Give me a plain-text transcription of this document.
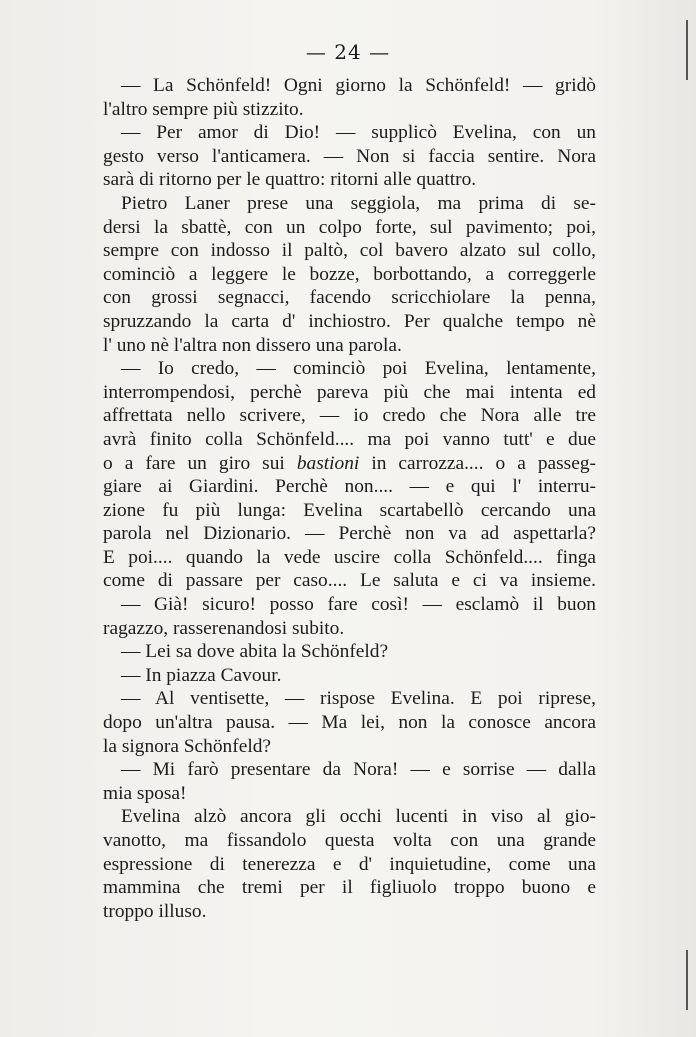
— 24 —
— La Schönfeld! Ogni giorno la Schönfeld! — gridò
l'altro sempre più stizzito.
— Per amor di Dio! — supplicò Evelina, con un
gesto verso l'anticamera. — Non si faccia sentire. Nora
sarà di ritorno per le quattro: ritorni alle quattro.
Pietro Laner prese una seggiola, ma prima di se-
dersi la sbattè, con un colpo forte, sul pavimento; poi,
sempre con indosso il paltò, col bavero alzato sul collo,
cominciò a leggere le bozze, borbottando, a correggerle
con grossi segnacci, facendo scricchiolare la penna,
spruzzando la carta d' inchiostro. Per qualche tempo nè
l' uno nè l'altra non dissero una parola.
— Io credo, — cominciò poi Evelina, lentamente,
interrompendosi, perchè pareva più che mai intenta ed
affrettata nello scrivere, — io credo che Nora alle tre
avrà finito colla Schönfeld.... ma poi vanno tutt' e due
o a fare un giro sui bastioni in carrozza.... o a passeg-
giare ai Giardini. Perchè non.... — e qui l' interru-
zione fu più lunga: Evelina scartabellò cercando una
parola nel Dizionario. — Perchè non va ad aspettarla?
E poi.... quando la vede uscire colla Schönfeld.... finga
come di passare per caso.... Le saluta e ci va insieme.
— Già! sicuro! posso fare così! — esclamò il buon
ragazzo, rasserenandosi subito.
— Lei sa dove abita la Schönfeld?
— In piazza Cavour.
— Al ventisette, — rispose Evelina. E poi riprese,
dopo un'altra pausa. — Ma lei, non la conosce ancora
la signora Schönfeld?
— Mi farò presentare da Nora! — e sorrise — dalla
mia sposa!
Evelina alzò ancora gli occhi lucenti in viso al gio-
vanotto, ma fissandolo questa volta con una grande
espressione di tenerezza e d' inquietudine, come una
mammina che tremi per il figliuolo troppo buono e
troppo illuso.
